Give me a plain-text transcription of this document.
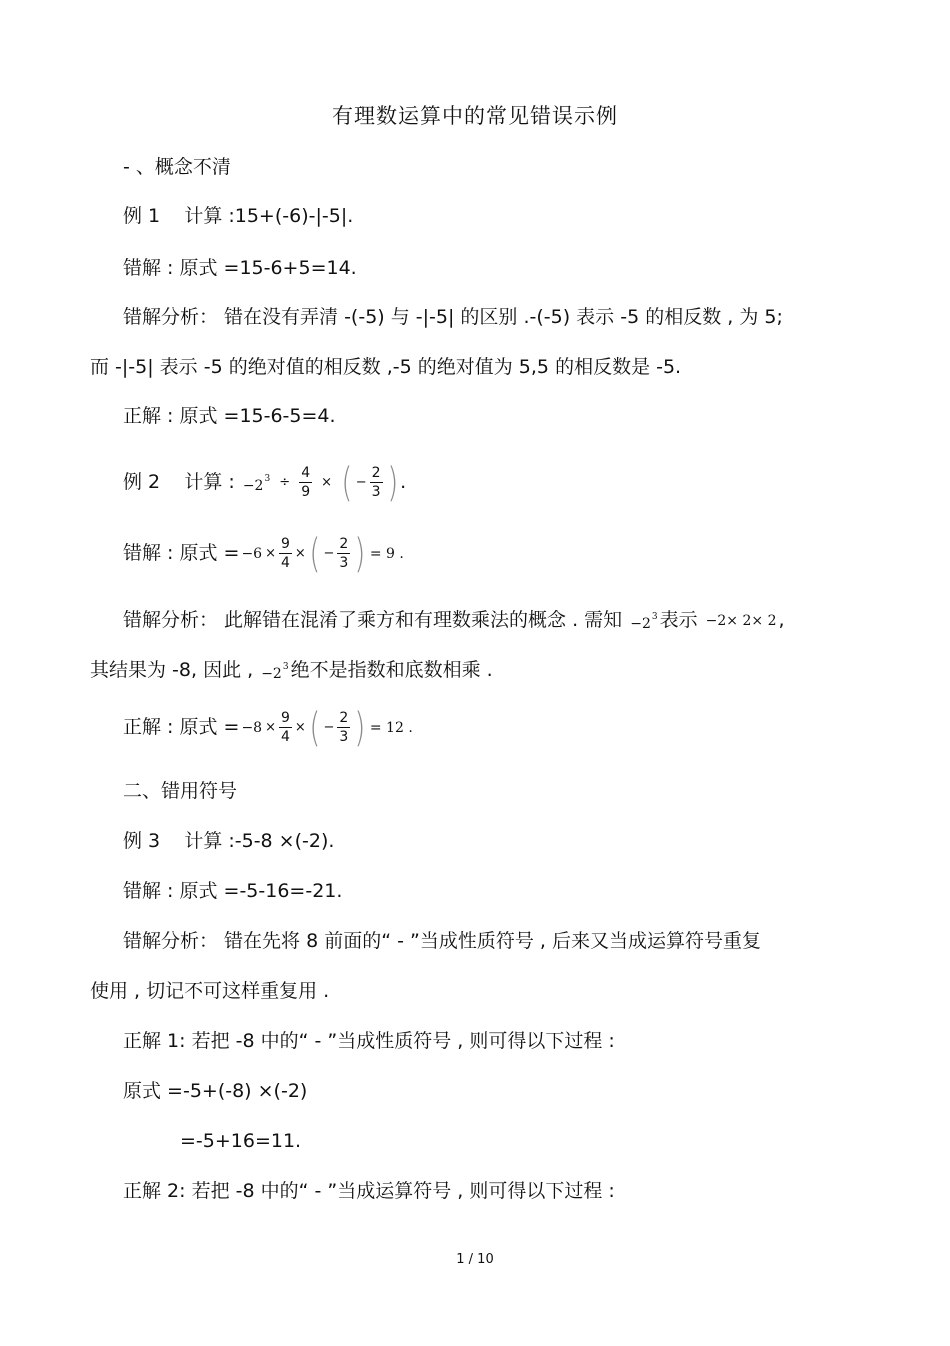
有理数运算中的常见错误示例
- 、概念不清
例 1 计算 :15+(-6)-|-5|.
错解 : 原式 =15-6+5=14.
错解分析： 错在没有弄清 -(-5) 与 -|-5| 的区别 .-(-5) 表示 -5 的相反数 , 为 5;
而 -|-5| 表示 -5 的绝对值的相反数 ,-5 的绝对值为 5,5 的相反数是 -5.
正解 : 原式 =15-6-5=4.
例 2 计算 : $-2^3 \div \frac{4}{9}$ × ( − $\frac{2}{3}$ ) .
错解 : 原式 = $-6 \times \frac{9}{4}$ ×( − $\frac{2}{3}$ ) = 9 .
错解分析： 此解错在混淆了乘方和有理数乘法的概念 . 需知 $-2^3$ 表示 −2× 2× 2 ,
其结果为 -8, 因此 , $-2^3$ 绝不是指数和底数相乘 .
正解 : 原式 = $-8 \times \frac{9}{4}$ ×( − $\frac{2}{3}$ ) = 12 .
二、错用符号
例 3 计算 :-5-8 ×(-2).
错解 : 原式 =-5-16=-21.
错解分析： 错在先将 8 前面的“ - ”当成性质符号 , 后来又当成运算符号重复
使用 , 切记不可这样重复用 .
正解 1: 若把 -8 中的“ - ”当成性质符号 , 则可得以下过程 :
原式 =-5+(-8) ×(-2)
=-5+16=11.
正解 2: 若把 -8 中的“ - ”当成运算符号 , 则可得以下过程 :
1 / 10
